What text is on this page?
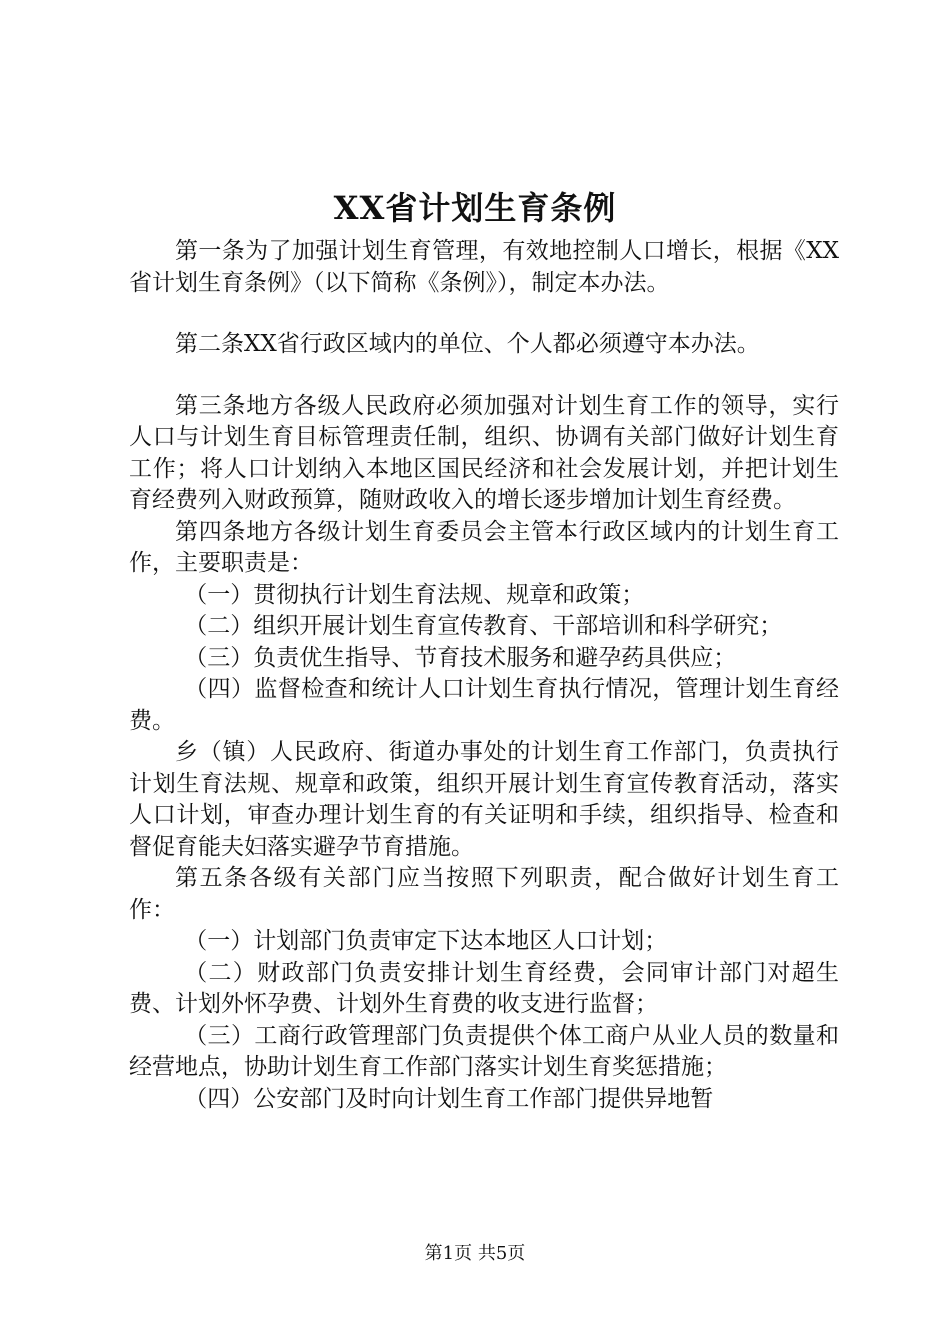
XX省计划生育条例

第一条为了加强计划生育管理，有效地控制人口增长，根据《XX省计划生育条例》（以下简称《条例》），制定本办法。

第二条XX省行政区域内的单位、个人都必须遵守本办法。

第三条地方各级人民政府必须加强对计划生育工作的领导，实行人口与计划生育目标管理责任制，组织、协调有关部门做好计划生育工作；将人口计划纳入本地区国民经济和社会发展计划，并把计划生育经费列入财政预算，随财政收入的增长逐步增加计划生育经费。

第四条地方各级计划生育委员会主管本行政区域内的计划生育工作，主要职责是：

（一）贯彻执行计划生育法规、规章和政策；

（二）组织开展计划生育宣传教育、干部培训和科学研究；

（三）负责优生指导、节育技术服务和避孕药具供应；

（四）监督检查和统计人口计划生育执行情况，管理计划生育经费。

乡（镇）人民政府、街道办事处的计划生育工作部门，负责执行计划生育法规、规章和政策，组织开展计划生育宣传教育活动，落实人口计划，审查办理计划生育的有关证明和手续，组织指导、检查和督促育能夫妇落实避孕节育措施。

第五条各级有关部门应当按照下列职责，配合做好计划生育工作：

（一）计划部门负责审定下达本地区人口计划；

（二）财政部门负责安排计划生育经费，会同审计部门对超生费、计划外怀孕费、计划外生育费的收支进行监督；

（三）工商行政管理部门负责提供个体工商户从业人员的数量和经营地点，协助计划生育工作部门落实计划生育奖惩措施；

（四）公安部门及时向计划生育工作部门提供异地暂

第1页 共5页
